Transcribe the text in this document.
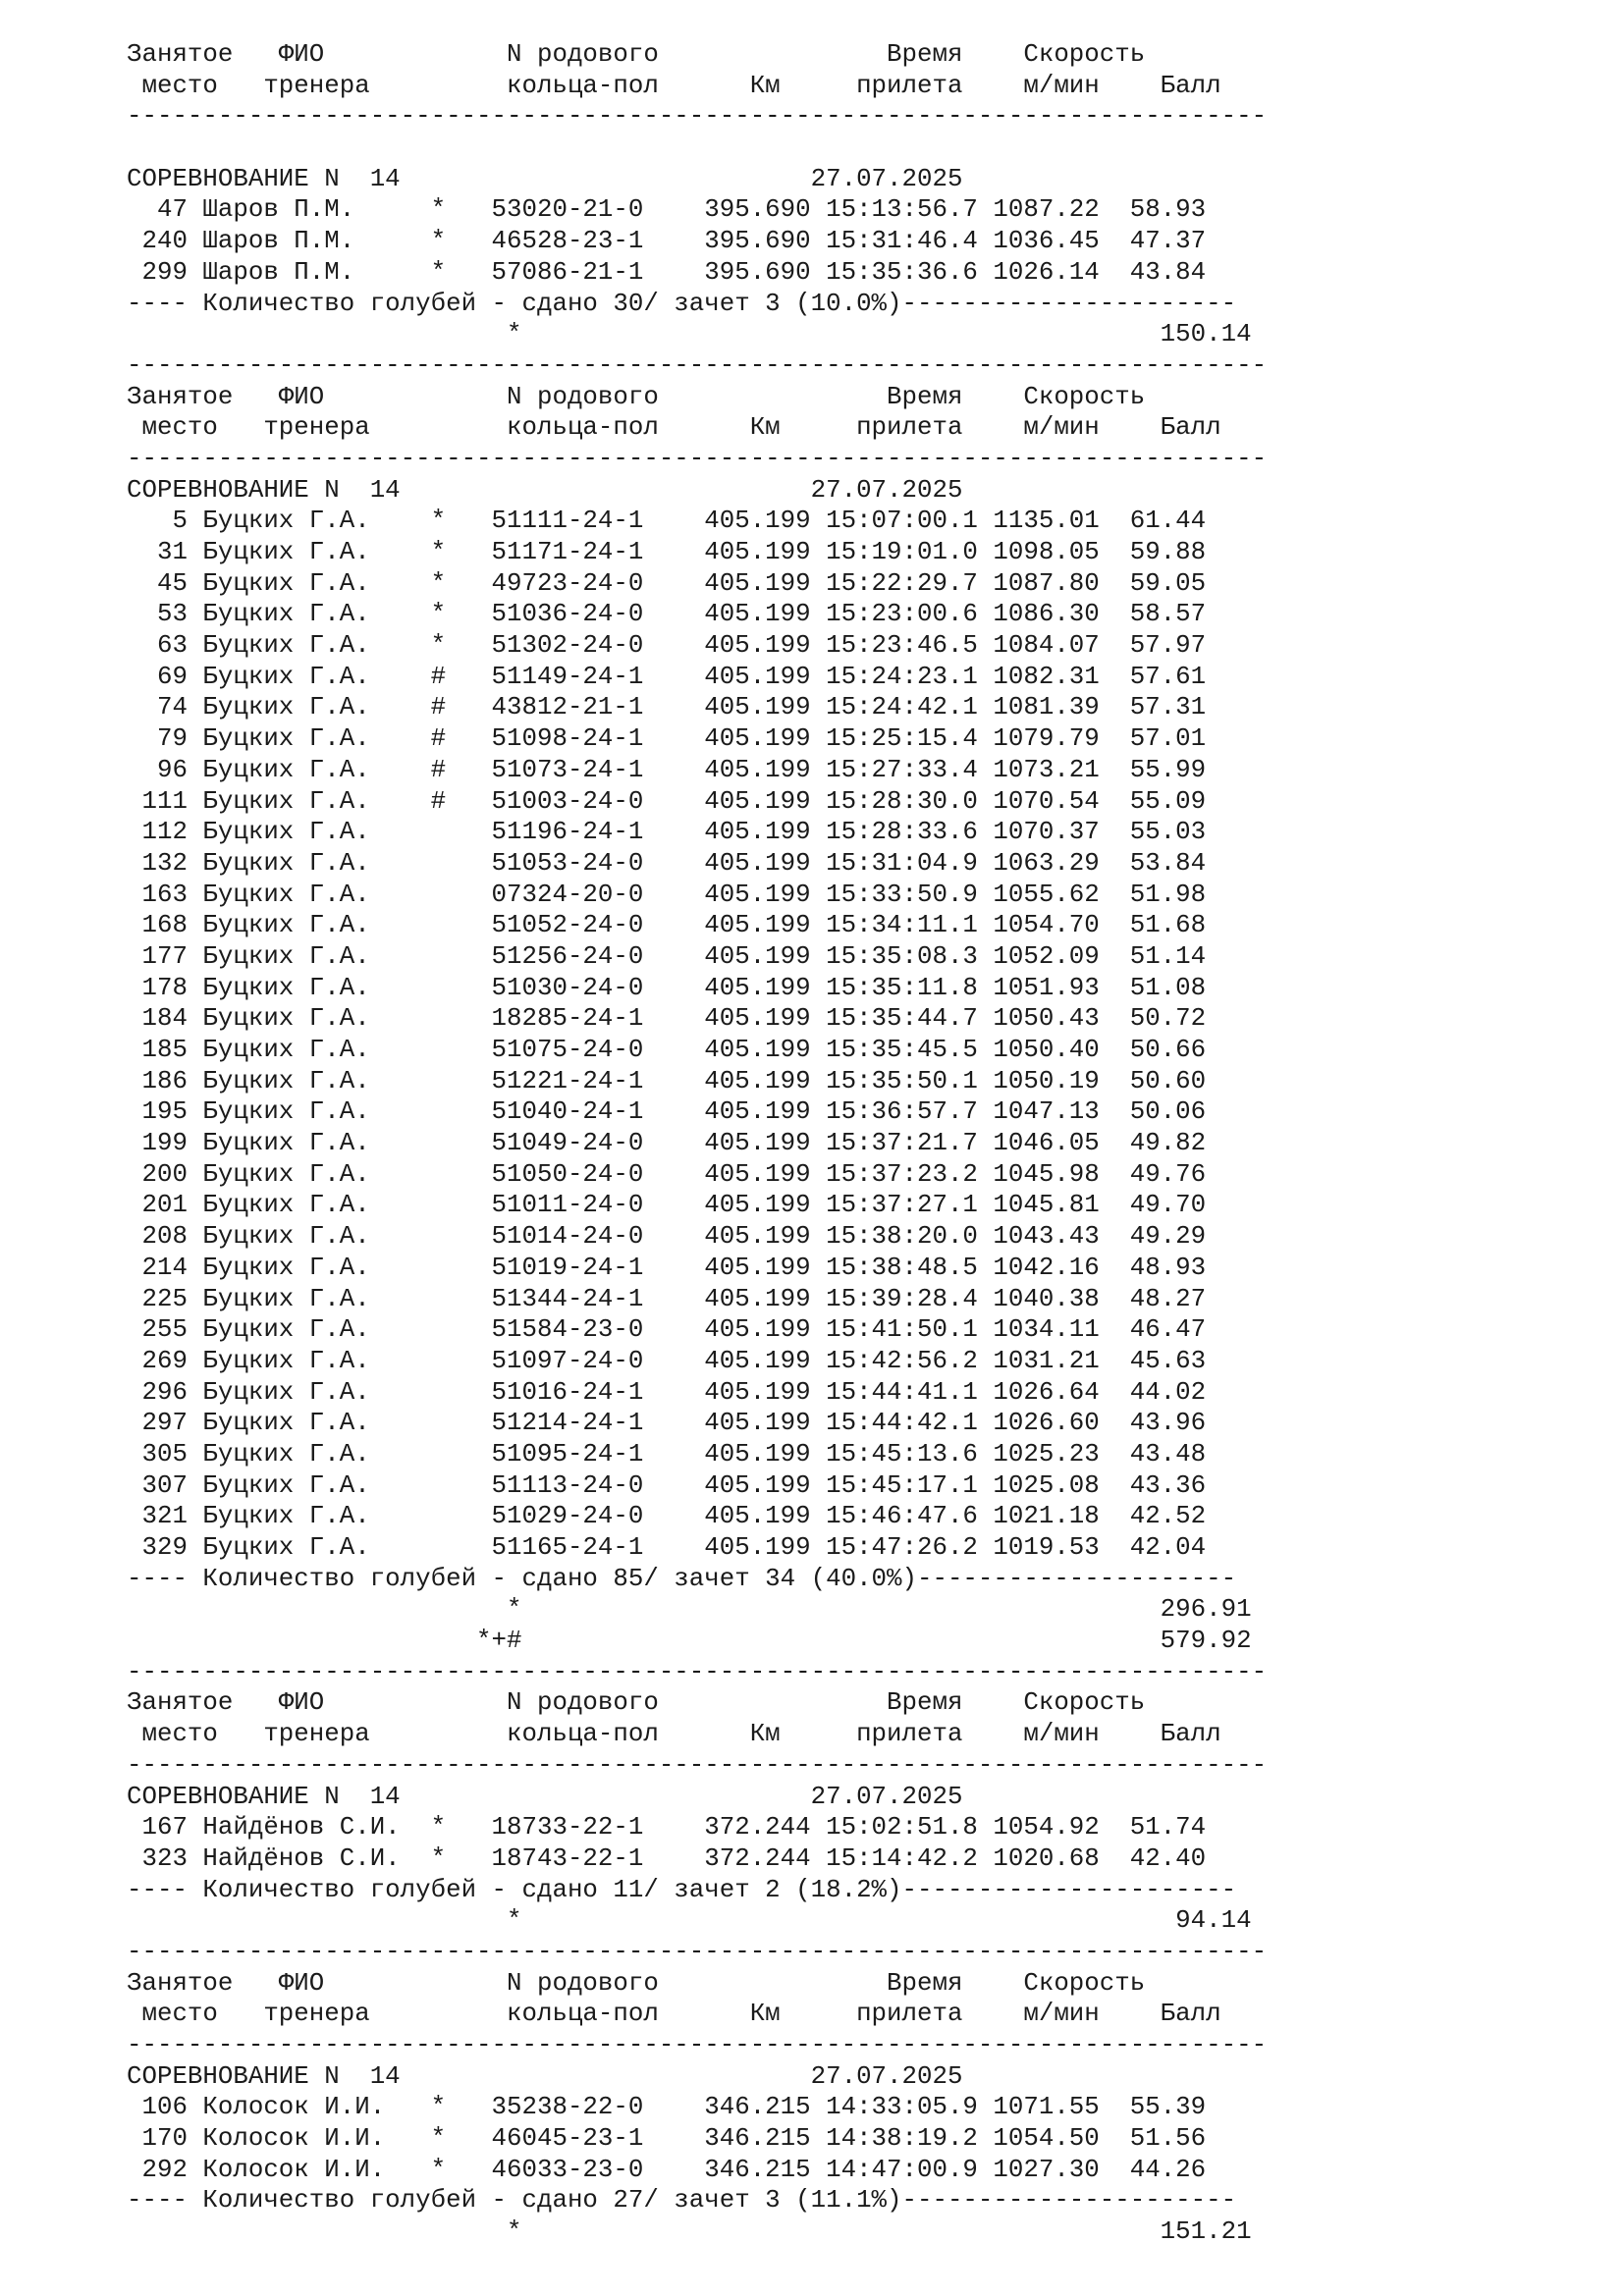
Занятое   ФИО            N родового               Время    Скорость
место   тренера         кольца-пол      Км     прилета    м/мин    Балл
---------------------------------------------------------------------------
СОРЕВНОВАНИЕ N  14                           27.07.2025
47 Шаров П.М.     *   53020-21-0    395.690 15:13:56.7 1087.22  58.93
240 Шаров П.М.     *   46528-23-1    395.690 15:31:46.4 1036.45  47.37
299 Шаров П.М.     *   57086-21-1    395.690 15:35:36.6 1026.14  43.84
---- Количество голубей - сдано 30/ зачет 3 (10.0%)----------------------
*                                          150.14
---------------------------------------------------------------------------
Занятое   ФИО            N родового               Время    Скорость
место   тренера         кольца-пол      Км     прилета    м/мин    Балл
---------------------------------------------------------------------------
СОРЕВНОВАНИЕ N  14                           27.07.2025
5 Буцких Г.А.    *   51111-24-1    405.199 15:07:00.1 1135.01  61.44
31 Буцких Г.А.    *   51171-24-1    405.199 15:19:01.0 1098.05  59.88
45 Буцких Г.А.    *   49723-24-0    405.199 15:22:29.7 1087.80  59.05
53 Буцких Г.А.    *   51036-24-0    405.199 15:23:00.6 1086.30  58.57
63 Буцких Г.А.    *   51302-24-0    405.199 15:23:46.5 1084.07  57.97
69 Буцких Г.А.    #   51149-24-1    405.199 15:24:23.1 1082.31  57.61
74 Буцких Г.А.    #   43812-21-1    405.199 15:24:42.1 1081.39  57.31
79 Буцких Г.А.    #   51098-24-1    405.199 15:25:15.4 1079.79  57.01
96 Буцких Г.А.    #   51073-24-1    405.199 15:27:33.4 1073.21  55.99
111 Буцких Г.А.    #   51003-24-0    405.199 15:28:30.0 1070.54  55.09
112 Буцких Г.А.        51196-24-1    405.199 15:28:33.6 1070.37  55.03
132 Буцких Г.А.        51053-24-0    405.199 15:31:04.9 1063.29  53.84
163 Буцких Г.А.        07324-20-0    405.199 15:33:50.9 1055.62  51.98
168 Буцких Г.А.        51052-24-0    405.199 15:34:11.1 1054.70  51.68
177 Буцких Г.А.        51256-24-0    405.199 15:35:08.3 1052.09  51.14
178 Буцких Г.А.        51030-24-0    405.199 15:35:11.8 1051.93  51.08
184 Буцких Г.А.        18285-24-1    405.199 15:35:44.7 1050.43  50.72
185 Буцких Г.А.        51075-24-0    405.199 15:35:45.5 1050.40  50.66
186 Буцких Г.А.        51221-24-1    405.199 15:35:50.1 1050.19  50.60
195 Буцких Г.А.        51040-24-1    405.199 15:36:57.7 1047.13  50.06
199 Буцких Г.А.        51049-24-0    405.199 15:37:21.7 1046.05  49.82
200 Буцких Г.А.        51050-24-0    405.199 15:37:23.2 1045.98  49.76
201 Буцких Г.А.        51011-24-0    405.199 15:37:27.1 1045.81  49.70
208 Буцких Г.А.        51014-24-0    405.199 15:38:20.0 1043.43  49.29
214 Буцких Г.А.        51019-24-1    405.199 15:38:48.5 1042.16  48.93
225 Буцких Г.А.        51344-24-1    405.199 15:39:28.4 1040.38  48.27
255 Буцких Г.А.        51584-23-0    405.199 15:41:50.1 1034.11  46.47
269 Буцких Г.А.        51097-24-0    405.199 15:42:56.2 1031.21  45.63
296 Буцких Г.А.        51016-24-1    405.199 15:44:41.1 1026.64  44.02
297 Буцких Г.А.        51214-24-1    405.199 15:44:42.1 1026.60  43.96
305 Буцких Г.А.        51095-24-1    405.199 15:45:13.6 1025.23  43.48
307 Буцких Г.А.        51113-24-0    405.199 15:45:17.1 1025.08  43.36
321 Буцких Г.А.        51029-24-0    405.199 15:46:47.6 1021.18  42.52
329 Буцких Г.А.        51165-24-1    405.199 15:47:26.2 1019.53  42.04
---- Количество голубей - сдано 85/ зачет 34 (40.0%)---------------------
*                                          296.91
*+#                                          579.92
---------------------------------------------------------------------------
Занятое   ФИО            N родового               Время    Скорость
место   тренера         кольца-пол      Км     прилета    м/мин    Балл
---------------------------------------------------------------------------
СОРЕВНОВАНИЕ N  14                           27.07.2025
167 Найдёнов С.И.  *   18733-22-1    372.244 15:02:51.8 1054.92  51.74
323 Найдёнов С.И.  *   18743-22-1    372.244 15:14:42.2 1020.68  42.40
---- Количество голубей - сдано 11/ зачет 2 (18.2%)----------------------
*                                           94.14
---------------------------------------------------------------------------
Занятое   ФИО            N родового               Время    Скорость
место   тренера         кольца-пол      Км     прилета    м/мин    Балл
---------------------------------------------------------------------------
СОРЕВНОВАНИЕ N  14                           27.07.2025
106 Колосок И.И.   *   35238-22-0    346.215 14:33:05.9 1071.55  55.39
170 Колосок И.И.   *   46045-23-1    346.215 14:38:19.2 1054.50  51.56
292 Колосок И.И.   *   46033-23-0    346.215 14:47:00.9 1027.30  44.26
---- Количество голубей - сдано 27/ зачет 3 (11.1%)----------------------
*                                          151.21
